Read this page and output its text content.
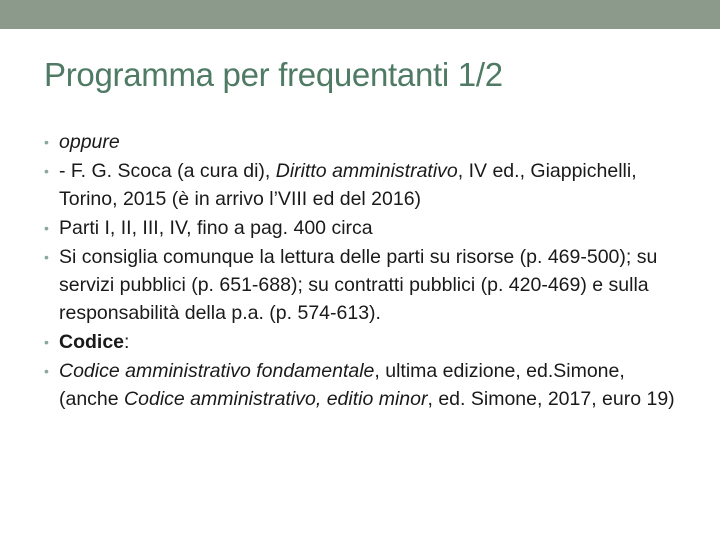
Programma per frequentanti 1/2
• oppure
• - F. G. Scoca (a cura di), Diritto amministrativo, IV ed., Giappichelli, Torino, 2015 (è in arrivo l’VIII ed del 2016)
• Parti I, II, III, IV, fino a pag. 400 circa
• Si consiglia comunque la lettura delle parti su risorse (p. 469-500); su servizi pubblici (p. 651-688); su contratti pubblici (p. 420-469) e sulla responsabilità della p.a. (p. 574-613).
• Codice:
• Codice amministrativo fondamentale, ultima edizione, ed.Simone, (anche Codice amministrativo, editio minor, ed. Simone, 2017, euro 19)
